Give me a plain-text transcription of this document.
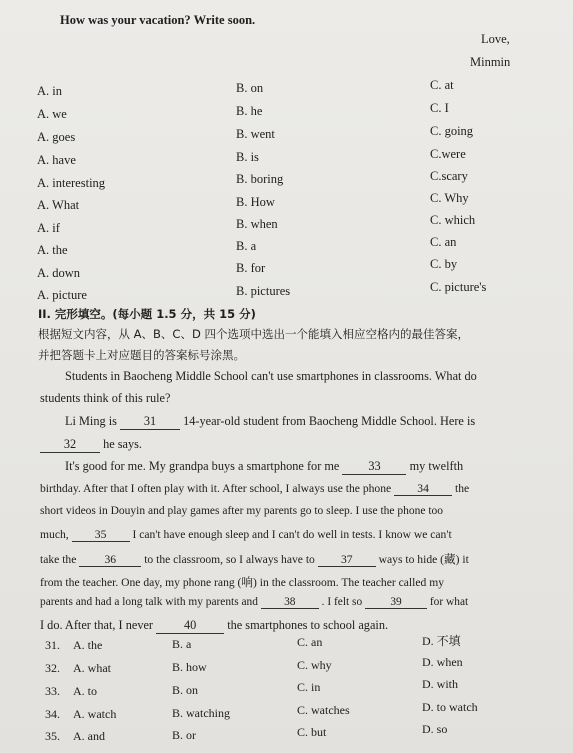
How was your vacation? Write soon.
Love,
Minmin
A. in	B. on	C. at
A. we	B. he	C. I
A. goes	B. went	C. going
A. have	B. is	C.were
A. interesting	B. boring	C.scary
A. What	B. How	C. Why
A. if	B. when	C. which
A. the	B. a	C. an
A. down	B. for	C. by
A. picture	B. pictures	C. picture's
II. 完形填空。(每小题 1.5 分，共 15 分)
根据短文内容，从 A、B、C、D 四个选项中选出一个能填入相应空格内的最佳答案，
并把答题卡上对应题目的答案标号涂黑。
Students in Baocheng Middle School can't use smartphones in classrooms. What do
students think of this rule?
Li Ming is 31 14-year-old student from Baocheng Middle School. Here is
32 he says.
It's good for me. My grandpa buys a smartphone for me 33 my twelfth
birthday. After that I often play with it. After school, I always use the phone 34 the
short videos in Douyin and play games after my parents go to sleep. I use the phone too
much, 35 I can't have enough sleep and I can't do well in tests. I know we can't
take the 36 to the classroom, so I always have to 37 ways to hide (藏) it
from the teacher. One day, my phone rang (响) in the classroom. The teacher called my
parents and had a long talk with my parents and 38 . I felt so 39 for what
I do. After that, I never	40	the smartphones to school again.
31. A. the	B. a	C. an	D. 不填
32. A. what	B. how	C. why	D. when
33. A. to	B. on	C. in	D. with
34. A. watch	B. watching	C. watches	D. to watch
35. A. and	B. or	C. but	D. so
